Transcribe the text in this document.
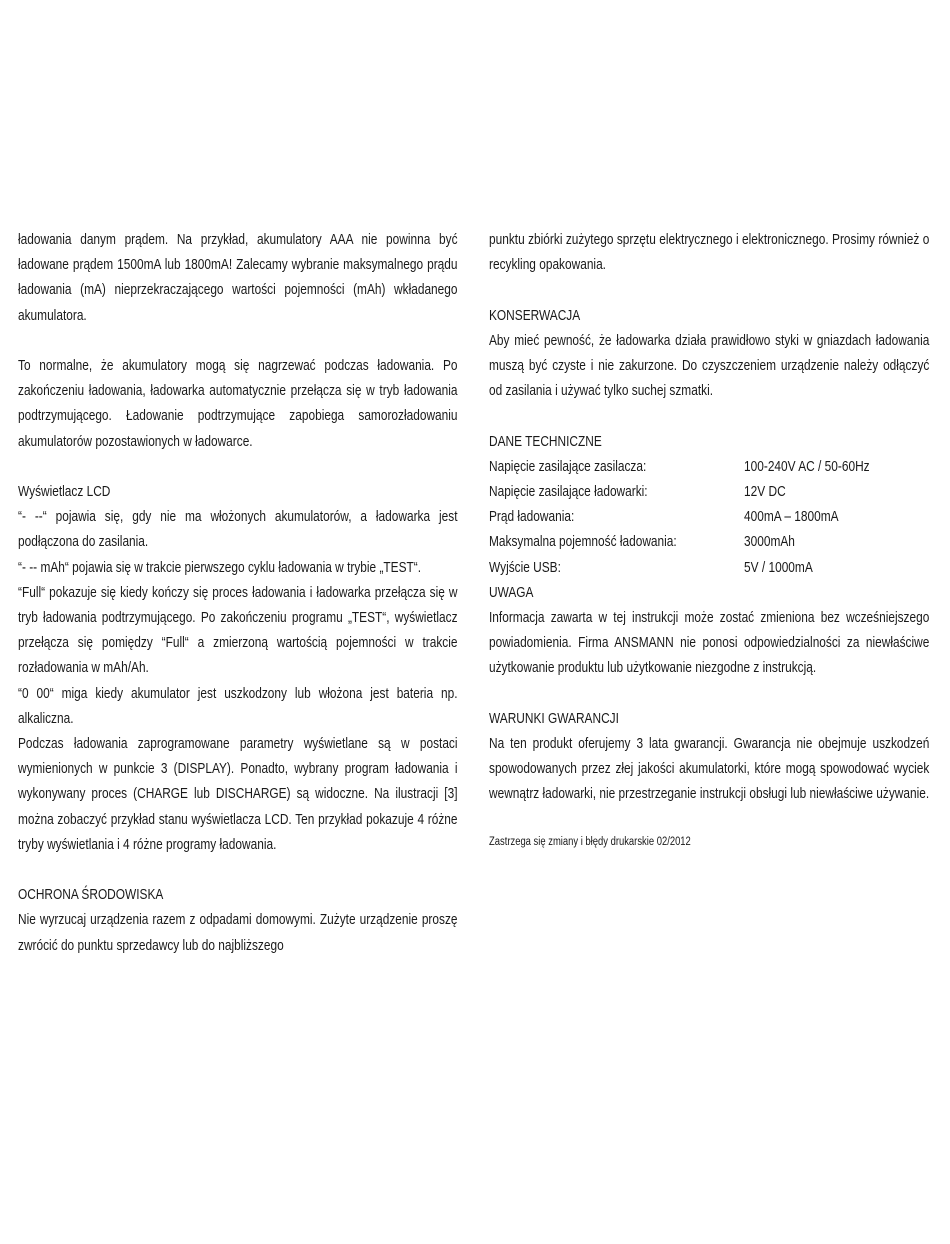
ładowania danym prądem. Na przykład, akumulatory AAA nie powinna być ładowane prądem 1500mA lub 1800mA! Zalecamy wybranie maksymalnego prądu ładowania (mA) nieprzekraczającego wartości pojemności (mAh) wkładanego akumulatora.

To normalne, że akumulatory mogą się nagrzewać podczas ładowania. Po zakończeniu ładowania, ładowarka automatycznie przełącza się w tryb ładowania podtrzymującego. Ładowanie podtrzymujące zapobiega samorozładowaniu akumulatorów pozostawionych w ładowarce.

Wyświetlacz LCD

“- --“ pojawia się, gdy nie ma włożonych akumulatorów, a ładowarka jest podłączona do zasilania.

“- -- mAh“ pojawia się w trakcie pierwszego cyklu ładowania w trybie „TEST“.

“Full“ pokazuje się kiedy kończy się proces ładowania i ładowarka przełącza się w tryb ładowania podtrzymującego. Po zakończeniu programu „TEST“, wyświetlacz przełącza się pomiędzy “Full“ a zmierzoną wartością pojemności w trakcie rozładowania w mAh/Ah.

“0 00“ miga kiedy akumulator jest uszkodzony lub włożona jest bateria np. alkaliczna.

Podczas ładowania zaprogramowane parametry wyświetlane są w postaci wymienionych w punkcie 3 (DISPLAY). Ponadto, wybrany program ładowania i wykonywany proces (CHARGE lub DISCHARGE) są widoczne. Na ilustracji [3] można zobaczyć przykład stanu wyświetlacza LCD. Ten przykład pokazuje 4 różne tryby wyświetlania i 4 różne programy ładowania.

OCHRONA ŚRODOWISKA

Nie wyrzucaj urządzenia razem z odpadami domowymi. Zużyte urządzenie proszę zwrócić do punktu sprzedawcy lub do najbliższego

punktu zbiórki zużytego sprzętu elektrycznego i elektronicznego. Prosimy również o recykling opakowania.

KONSERWACJA

Aby mieć pewność, że ładowarka działa prawidłowo styki w gniazdach ładowania muszą być czyste i nie zakurzone. Do czyszczeniem urządzenie należy odłączyć od zasilania i używać tylko suchej szmatki.

DANE TECHNICZNE

Napięcie zasilające zasilacza:	100-240V AC / 50-60Hz
Napięcie zasilające ładowarki:	12V DC
Prąd ładowania:	400mA – 1800mA
Maksymalna pojemność ładowania:	3000mAh
Wyjście USB:	5V / 1000mA

UWAGA

Informacja zawarta w tej instrukcji może zostać zmieniona bez wcześniejszego powiadomienia. Firma ANSMANN nie ponosi odpowiedzialności za niewłaściwe użytkowanie produktu lub użytkowanie niezgodne z instrukcją.

WARUNKI GWARANCJI

Na ten produkt oferujemy 3 lata gwarancji. Gwarancja nie obejmuje uszkodzeń spowodowanych przez złej jakości akumulatorki, które mogą spowodować wyciek wewnątrz ładowarki, nie przestrzeganie instrukcji obsługi lub niewłaściwe używanie.

Zastrzega się zmiany i błędy drukarskie 02/2012
